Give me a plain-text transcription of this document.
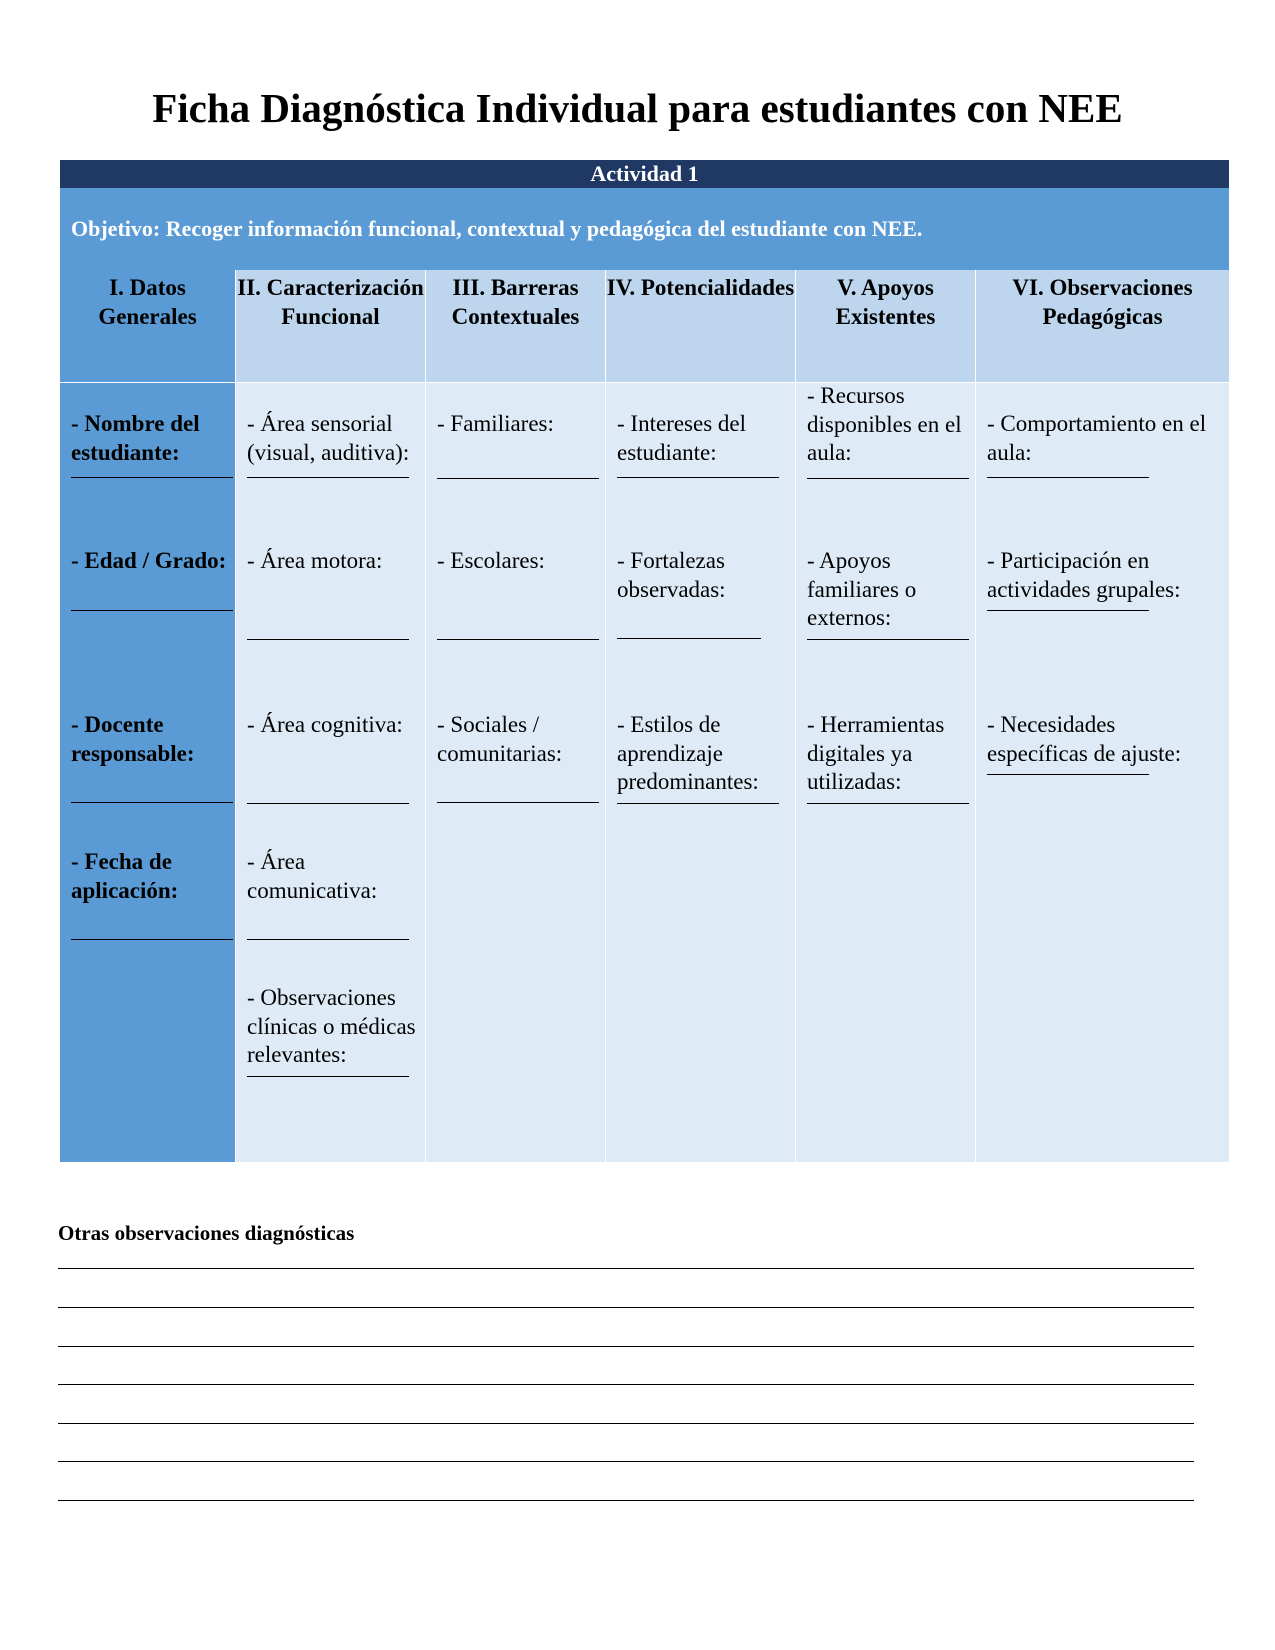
Ficha Diagnóstica Individual para estudiantes con NEE
Actividad 1
Objetivo: Recoger información funcional, contextual y pedagógica del estudiante con NEE.
I. Datos Generales
- Nombre del estudiante:
- Edad / Grado:
- Docente responsable:
- Fecha de aplicación:
II. Caracterización Funcional
- Área sensorial (visual, auditiva):
- Área motora:
- Área cognitiva:
- Área comunicativa:
- Observaciones clínicas o médicas relevantes:
III. Barreras Contextuales
- Familiares:
- Escolares:
- Sociales / comunitarias:
IV. Potencialidades
- Intereses del estudiante:
- Fortalezas observadas:
- Estilos de aprendizaje predominantes:
V. Apoyos Existentes
- Recursos disponibles en el aula:
- Apoyos familiares o externos:
- Herramientas digitales ya utilizadas:
VI. Observaciones Pedagógicas
- Comportamiento en el aula:
- Participación en actividades grupales:
- Necesidades específicas de ajuste:
Otras observaciones diagnósticas
